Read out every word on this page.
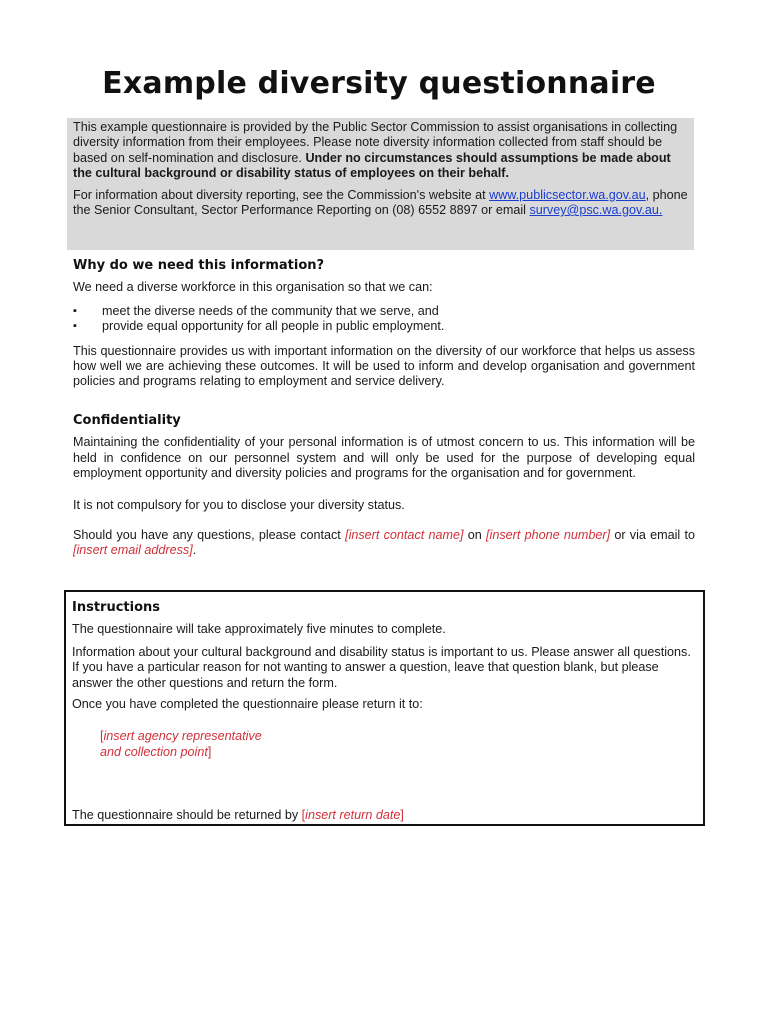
Example diversity questionnaire

This example questionnaire is provided by the Public Sector Commission to assist organisations in collecting diversity information from their employees. Please note diversity information collected from staff should be based on self-nomination and disclosure. Under no circumstances should assumptions be made about the cultural background or disability status of employees on their behalf.

For information about diversity reporting, see the Commission's website at www.publicsector.wa.gov.au, phone the Senior Consultant, Sector Performance Reporting on (08) 6552 8897 or email survey@psc.wa.gov.au.

Why do we need this information?

We need a diverse workforce in this organisation so that we can:

▪	meet the diverse needs of the community that we serve, and
▪	provide equal opportunity for all people in public employment.

This questionnaire provides us with important information on the diversity of our workforce that helps us assess how well we are achieving these outcomes. It will be used to inform and develop organisation and government policies and programs relating to employment and service delivery.

Confidentiality

Maintaining the confidentiality of your personal information is of utmost concern to us. This information will be held in confidence on our personnel system and will only be used for the purpose of developing equal employment opportunity and diversity policies and programs for the organisation and for government.

It is not compulsory for you to disclose your diversity status.

Should you have any questions, please contact [insert contact name] on [insert phone number] or via email to [insert email address].

Instructions

The questionnaire will take approximately five minutes to complete.

Information about your cultural background and disability status is important to us. Please answer all questions. If you have a particular reason for not wanting to answer a question, leave that question blank, but please answer the other questions and return the form.

Once you have completed the questionnaire please return it to:

[insert agency representative
and collection point]

The questionnaire should be returned by [insert return date]
